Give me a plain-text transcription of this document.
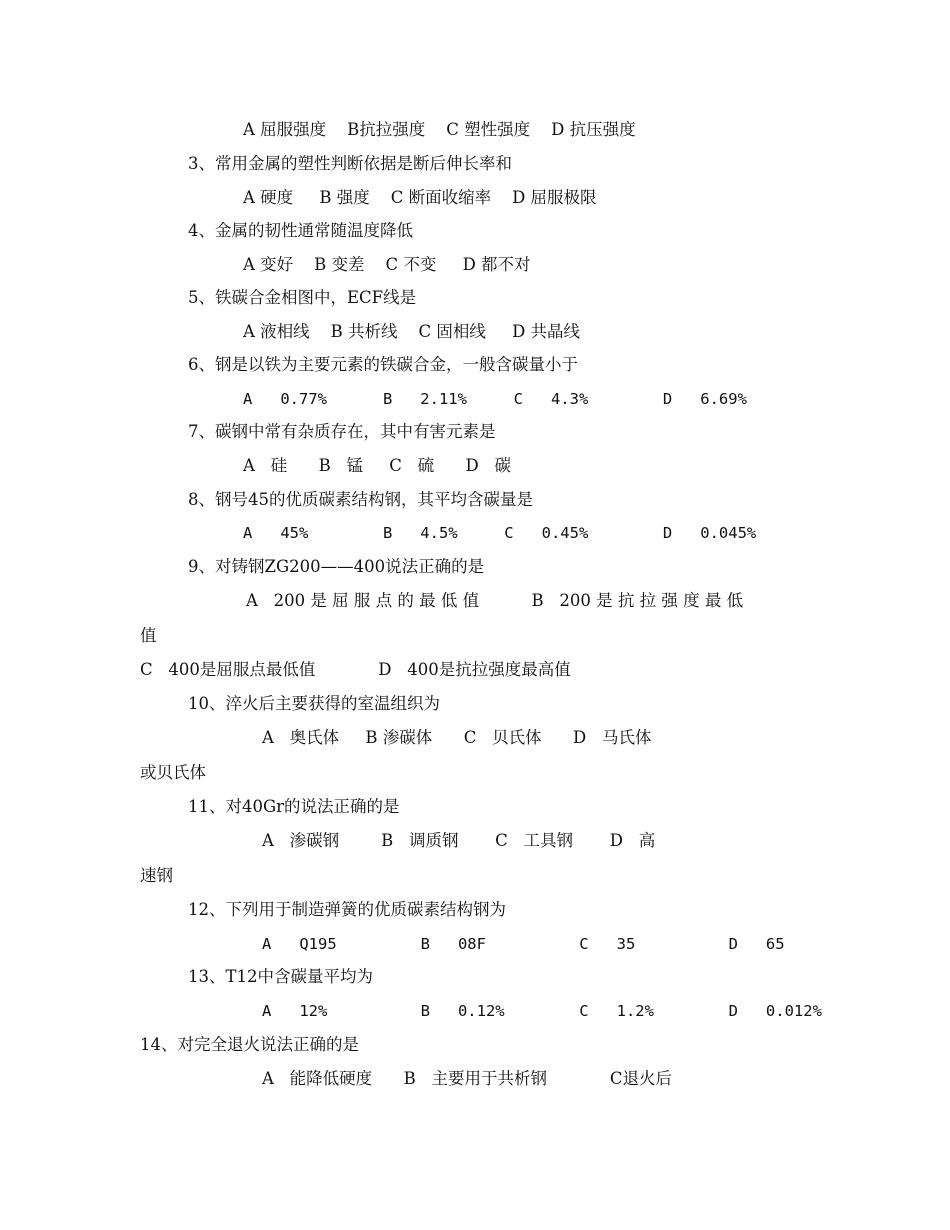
A 屈服强度    B抗拉强度    C 塑性强度    D 抗压强度
3、常用金属的塑性判断依据是断后伸长率和
A 硬度     B 强度    C 断面收缩率    D 屈服极限
4、金属的韧性通常随温度降低
A 变好    B 变差    C 不变     D 都不对
5、铁碳合金相图中，ECF线是
A 液相线    B 共析线    C 固相线     D 共晶线
6、钢是以铁为主要元素的铁碳合金，一般含碳量小于
A   0.77%      B   2.11%     C   4.3%        D   6.69%
7、碳钢中常有杂质存在，其中有害元素是
A   硅      B   锰     C   硫      D   碳
8、钢号45的优质碳素结构钢，其平均含碳量是
A   45%        B   4.5%     C   0.45%        D   0.045%
9、对铸钢ZG200——400说法正确的是
A   200 是 屈 服 点 的 最 低 值          B   200 是 抗 拉 强 度 最 低
值
C   400是屈服点最低值            D   400是抗拉强度最高值
10、淬火后主要获得的室温组织为
A   奥氏体     B 渗碳体      C   贝氏体      D   马氏体
或贝氏体
11、对40Gr的说法正确的是
A   渗碳钢        B   调质钢       C   工具钢       D   高
速钢
12、下列用于制造弹簧的优质碳素结构钢为
A   Q195         B   08F          C   35          D   65
13、T12中含碳量平均为
A   12%          B   0.12%        C   1.2%        D   0.012%
14、对完全退火说法正确的是
A   能降低硬度      B   主要用于共析钢            C退火后
